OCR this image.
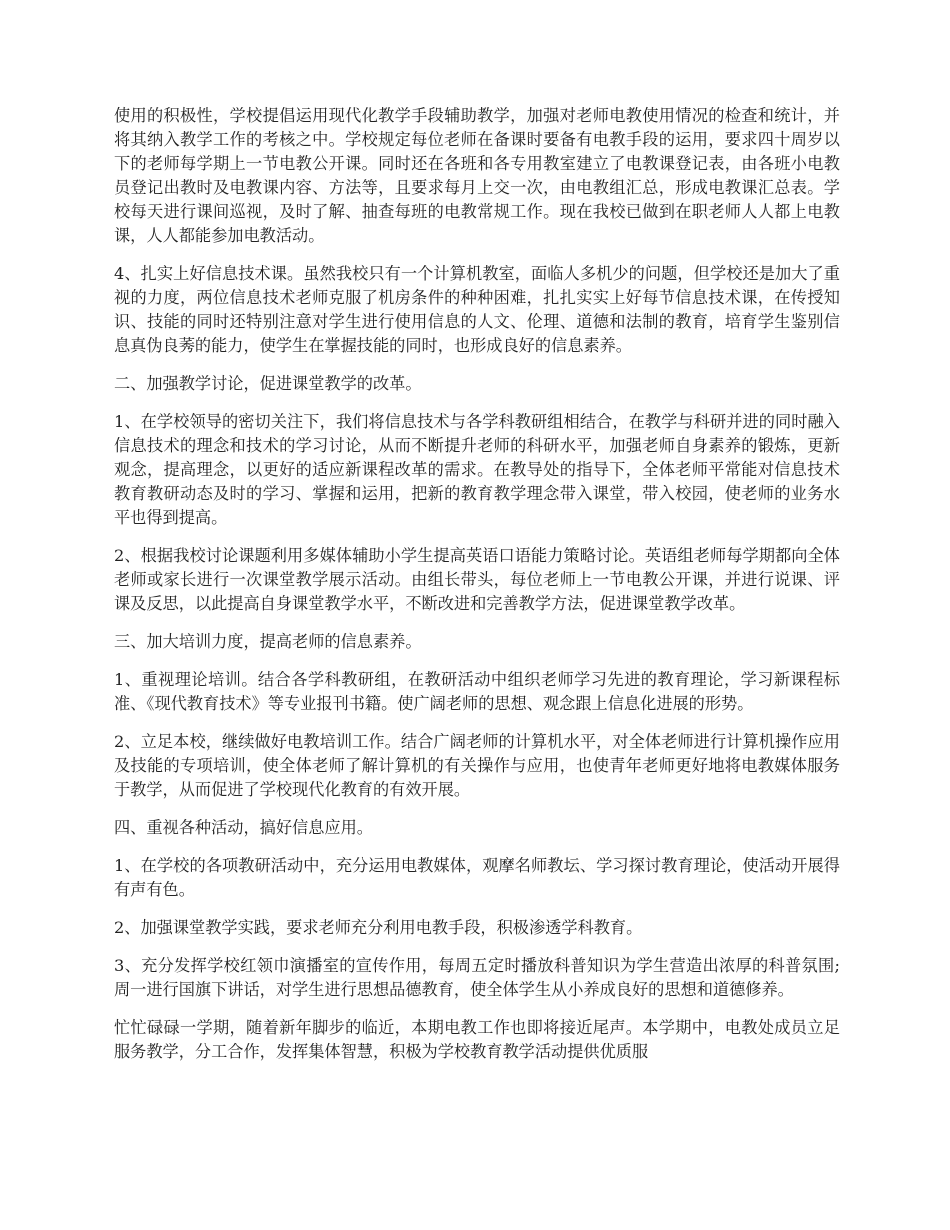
使用的积极性，学校提倡运用现代化教学手段辅助教学，加强对老师电教使用情况的检查和统计，并将其纳入教学工作的考核之中。学校规定每位老师在备课时要备有电教手段的运用，要求四十周岁以下的老师每学期上一节电教公开课。同时还在各班和各专用教室建立了电教课登记表，由各班小电教员登记出教时及电教课内容、方法等，且要求每月上交一次，由电教组汇总，形成电教课汇总表。学校每天进行课间巡视，及时了解、抽查每班的电教常规工作。现在我校已做到在职老师人人都上电教课，人人都能参加电教活动。

4、扎实上好信息技术课。虽然我校只有一个计算机教室，面临人多机少的问题，但学校还是加大了重视的力度，两位信息技术老师克服了机房条件的种种困难，扎扎实实上好每节信息技术课，在传授知识、技能的同时还特别注意对学生进行使用信息的人文、伦理、道德和法制的教育，培育学生鉴别信息真伪良莠的能力，使学生在掌握技能的同时，也形成良好的信息素养。

二、加强教学讨论，促进课堂教学的改革。

1、在学校领导的密切关注下，我们将信息技术与各学科教研组相结合，在教学与科研并进的同时融入信息技术的理念和技术的学习讨论，从而不断提升老师的科研水平，加强老师自身素养的锻炼，更新观念，提高理念，以更好的适应新课程改革的需求。在教导处的指导下，全体老师平常能对信息技术教育教研动态及时的学习、掌握和运用，把新的教育教学理念带入课堂，带入校园，使老师的业务水平也得到提高。

2、根据我校讨论课题利用多媒体辅助小学生提高英语口语能力策略讨论。英语组老师每学期都向全体老师或家长进行一次课堂教学展示活动。由组长带头，每位老师上一节电教公开课，并进行说课、评课及反思，以此提高自身课堂教学水平，不断改进和完善教学方法，促进课堂教学改革。

三、加大培训力度，提高老师的信息素养。

1、重视理论培训。结合各学科教研组，在教研活动中组织老师学习先进的教育理论，学习新课程标准、《现代教育技术》等专业报刊书籍。使广阔老师的思想、观念跟上信息化进展的形势。

2、立足本校，继续做好电教培训工作。结合广阔老师的计算机水平，对全体老师进行计算机操作应用及技能的专项培训，使全体老师了解计算机的有关操作与应用，也使青年老师更好地将电教媒体服务于教学，从而促进了学校现代化教育的有效开展。

四、重视各种活动，搞好信息应用。

1、在学校的各项教研活动中，充分运用电教媒体，观摩名师教坛、学习探讨教育理论，使活动开展得有声有色。

2、加强课堂教学实践，要求老师充分利用电教手段，积极渗透学科教育。

3、充分发挥学校红领巾演播室的宣传作用，每周五定时播放科普知识为学生营造出浓厚的科普氛围;周一进行国旗下讲话，对学生进行思想品德教育，使全体学生从小养成良好的思想和道德修养。

忙忙碌碌一学期，随着新年脚步的临近，本期电教工作也即将接近尾声。本学期中，电教处成员立足服务教学，分工合作，发挥集体智慧，积极为学校教育教学活动提供优质服
